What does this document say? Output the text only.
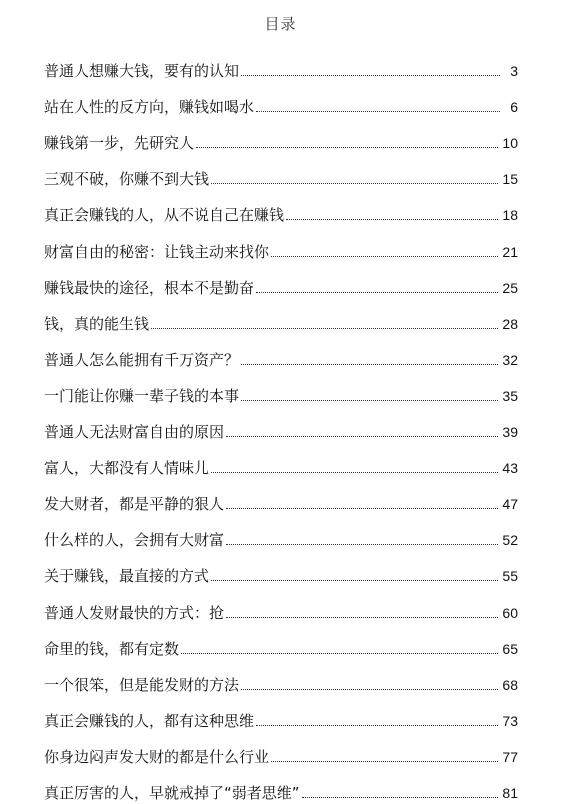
目录
普通人想赚大钱，要有的认知	3
站在人性的反方向，赚钱如喝水	6
赚钱第一步，先研究人	10
三观不破，你赚不到大钱	15
真正会赚钱的人，从不说自己在赚钱	18
财富自由的秘密：让钱主动来找你	21
赚钱最快的途径，根本不是勤奋	25
钱，真的能生钱	28
普通人怎么能拥有千万资产？	32
一门能让你赚一辈子钱的本事	35
普通人无法财富自由的原因	39
富人，大都没有人情味儿	43
发大财者，都是平静的狠人	47
什么样的人，会拥有大财富	52
关于赚钱，最直接的方式	55
普通人发财最快的方式：抢	60
命里的钱，都有定数	65
一个很笨，但是能发财的方法	68
真正会赚钱的人，都有这种思维	73
你身边闷声发大财的都是什么行业	77
真正厉害的人，早就戒掉了“弱者思维”	81
